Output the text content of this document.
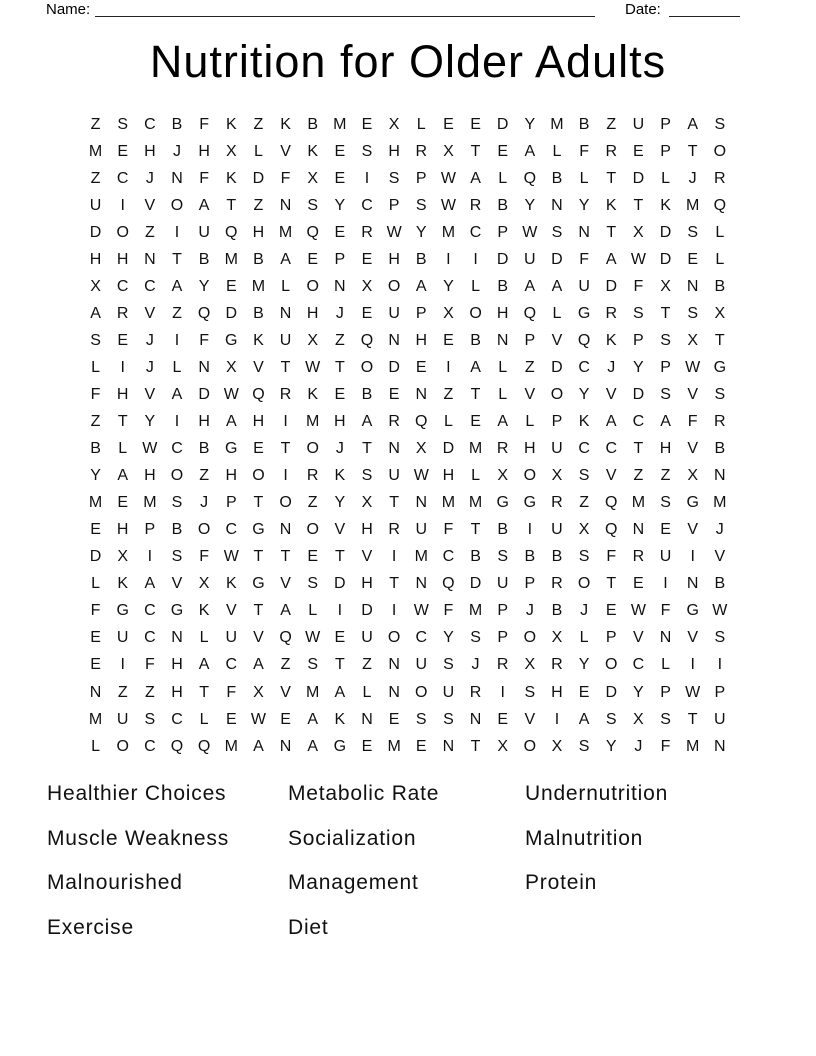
Name:	Date:
Nutrition for Older Adults
Z	S	C	B	F	K	Z	K	B M E	X	L	E	E	D	Y M B	Z	U	P	A	S
M E	H	J	H	X	L	V	K	E	S	H R	X	T	E	A	L	F	R	E	P	T	O
Z	C	J	N	F	K	D	F	X	E	I	S	P W A	L	Q B	L	T	D	L	J	R
U	I	V O A	T	Z	N	S	Y	C	P	S W R	B	Y	N	Y	K	T	K M Q
D O	Z	I	U Q H M Q E	R W Y M C	P W S	N	T	X	D	S	L
H H N	T	B M B	A	E	P	E	H	B	I	I	D U D	F	A W D	E	L
X	C C	A	Y	E M	L	O N	X O A	Y	L	B	A	A	U D	F	X	N	B
A	R	V	Z	Q D	B	N H	J	E	U	P	X O H Q	L	G R	S	T	S	X
S	E	J	I	F	G K	U	X	Z	Q N H	E	B	N	P	V Q K	P	S	X	T
L	I	J	L	N	X	V	T W T	O D	E	I	A	L	Z	D C	J	Y	P W G
F	H	V	A	D W Q R	K	E	B	E	N	Z	T	L	V O Y	V	D	S	V	S
Z	T	Y	I	H	A	H	I	M H	A	R Q	L	E	A	L	P	K	A	C	A	F	R
B	L W C	B G E	T	O	J	T	N	X	D M R H U C C	T	H	V	B
Y	A	H O	Z	H O	I	R	K	S	U W H	L	X O X	S	V	Z	Z	X	N
M E M S	J	P	T	O	Z	Y	X	T	N M M G G R	Z	Q M S G M
E	H	P	B O C G N O V	H R U	F	T	B	I	U	X Q N	E	V	J
D	X	I	S	F W T	T	E	T	V	I	M C	B	S	B	B	S	F	R U	I	V
L	K	A	V	X	K G V	S	D H	T	N Q D U	P	R O	T	E	I	N	B
F	G C G K	V	T	A	L	I	D	I	W F M P	J	B	J	E W F	G W
E	U C N	L	U	V Q W E	U O C	Y	S	P O X	L	P	V	N	V	S
E	I	F	H	A	C	A	Z	S	T	Z	N U	S	J	R	X	R	Y O C	L	I	I
N	Z	Z	H	T	F	X	V M A	L	N O U R	I	S	H	E	D	Y	P W P
M U	S	C	L	E W E	A	K	N	E	S	S	N	E	V	I	A	S	X	S	T	U
L	O C Q Q M A	N	A G E M E	N	T	X O X	S	Y	J	F M N
Healthier Choices	Metabolic Rate	Undernutrition
Muscle Weakness	Socialization	Malnutrition
Malnourished	Management	Protein
Exercise	Diet
